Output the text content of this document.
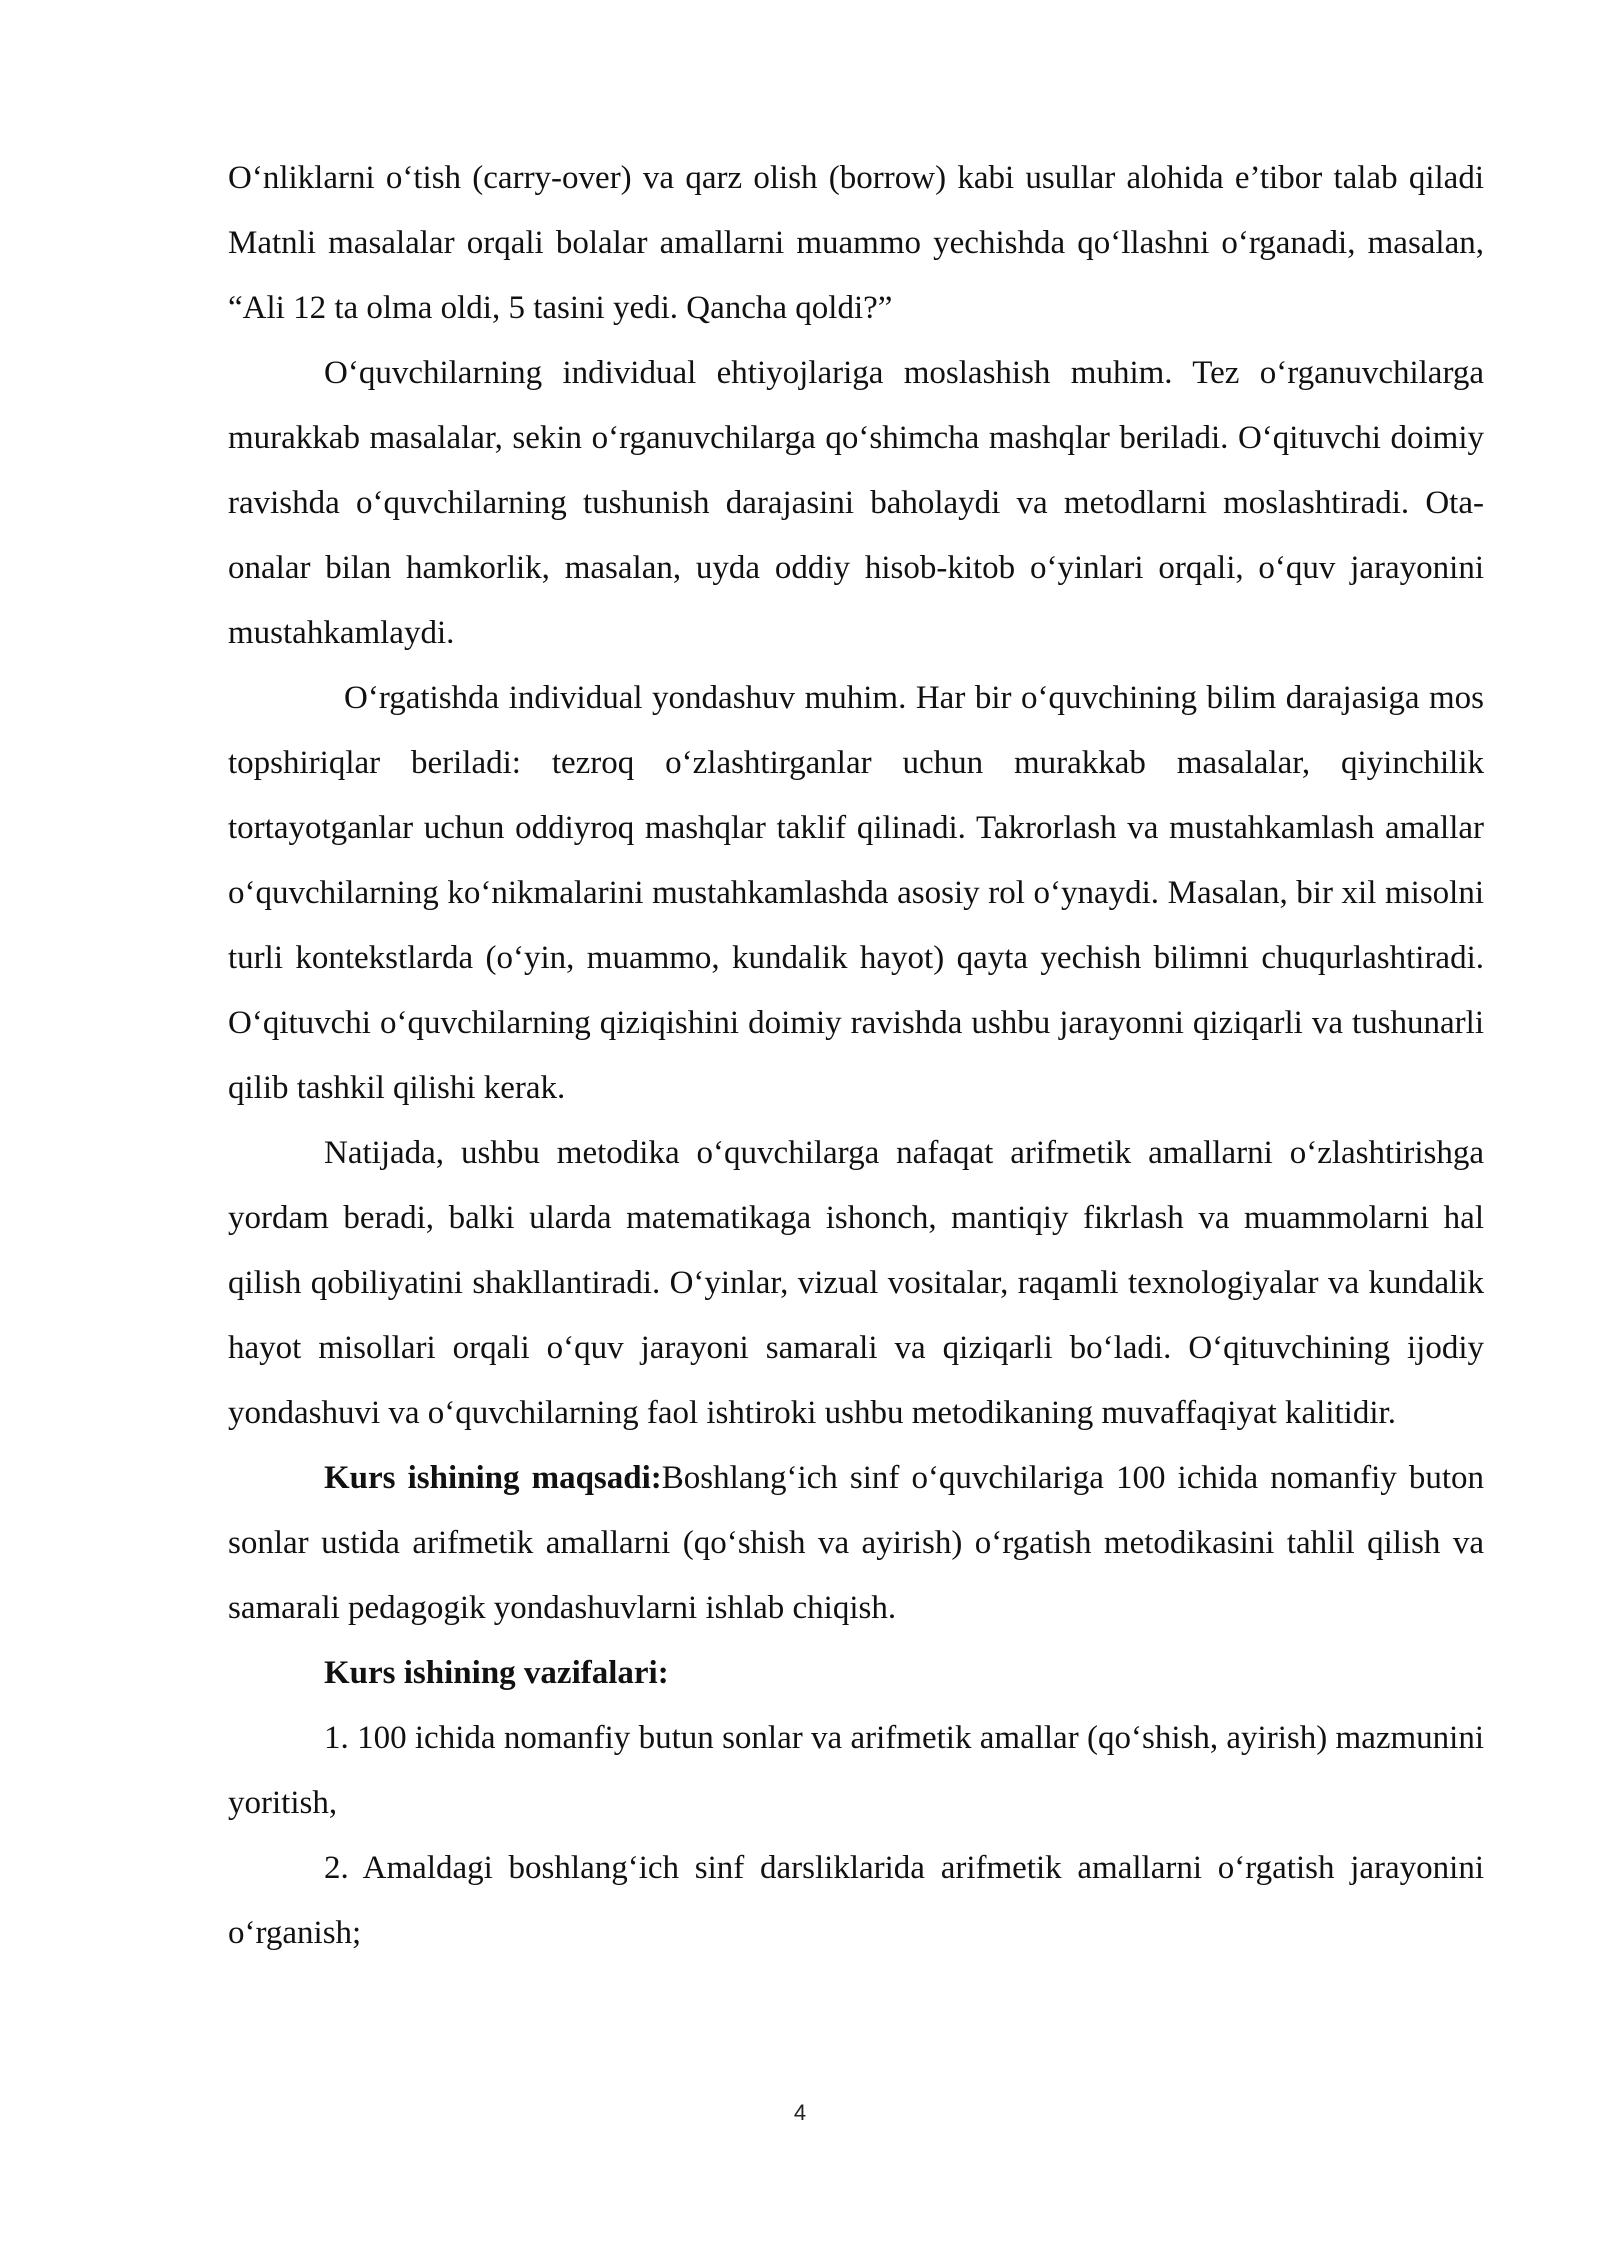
O‘nliklarni o‘tish (carry-over) va qarz olish (borrow) kabi usullar alohida e’tibor talab qiladi Matnli masalalar orqali bolalar amallarni muammo yechishda qo‘llashni o‘rganadi, masalan, “Ali 12 ta olma oldi, 5 tasini yedi. Qancha qoldi?”

O‘quvchilarning individual ehtiyojlariga moslashish muhim. Tez o‘rganuvchilarga murakkab masalalar, sekin o‘rganuvchilarga qo‘shimcha mashqlar beriladi. O‘qituvchi doimiy ravishda o‘quvchilarning tushunish darajasini baholaydi va metodlarni moslashtiradi. Ota-onalar bilan hamkorlik, masalan, uyda oddiy hisob-kitob o‘yinlari orqali, o‘quv jarayonini mustahkamlaydi.

O‘rgatishda individual yondashuv muhim. Har bir o‘quvchining bilim darajasiga mos topshiriqlar beriladi: tezroq o‘zlashtirganlar uchun murakkab masalalar, qiyinchilik tortayotganlar uchun oddiyroq mashqlar taklif qilinadi. Takrorlash va mustahkamlash amallar o‘quvchilarning ko‘nikmalarini mustahkamlashda asosiy rol o‘ynaydi. Masalan, bir xil misolni turli kontekstlarda (o‘yin, muammo, kundalik hayot) qayta yechish bilimni chuqurlashtiradi. O‘qituvchi o‘quvchilarning qiziqishini doimiy ravishda ushbu jarayonni qiziqarli va tushunarli qilib tashkil qilishi kerak.

Natijada, ushbu metodika o‘quvchilarga nafaqat arifmetik amallarni o‘zlashtirishga yordam beradi, balki ularda matematikaga ishonch, mantiqiy fikrlash va muammolarni hal qilish qobiliyatini shakllantiradi. O‘yinlar, vizual vositalar, raqamli texnologiyalar va kundalik hayot misollari orqali o‘quv jarayoni samarali va qiziqarli bo‘ladi. O‘qituvchining ijodiy yondashuvi va o‘quvchilarning faol ishtiroki ushbu metodikaning muvaffaqiyat kalitidir.

Kurs ishining maqsadi:Boshlang‘ich sinf o‘quvchilariga 100 ichida nomanfiy buton sonlar ustida arifmetik amallarni (qo‘shish va ayirish) o‘rgatish metodikasini tahlil qilish va samarali pedagogik yondashuvlarni ishlab chiqish.

Kurs ishining vazifalari:

1. 100 ichida nomanfiy butun sonlar va arifmetik amallar (qo‘shish, ayirish) mazmunini yoritish,

2. Amaldagi boshlang‘ich sinf darsliklarida arifmetik amallarni o‘rgatish jarayonini o‘rganish;

4
